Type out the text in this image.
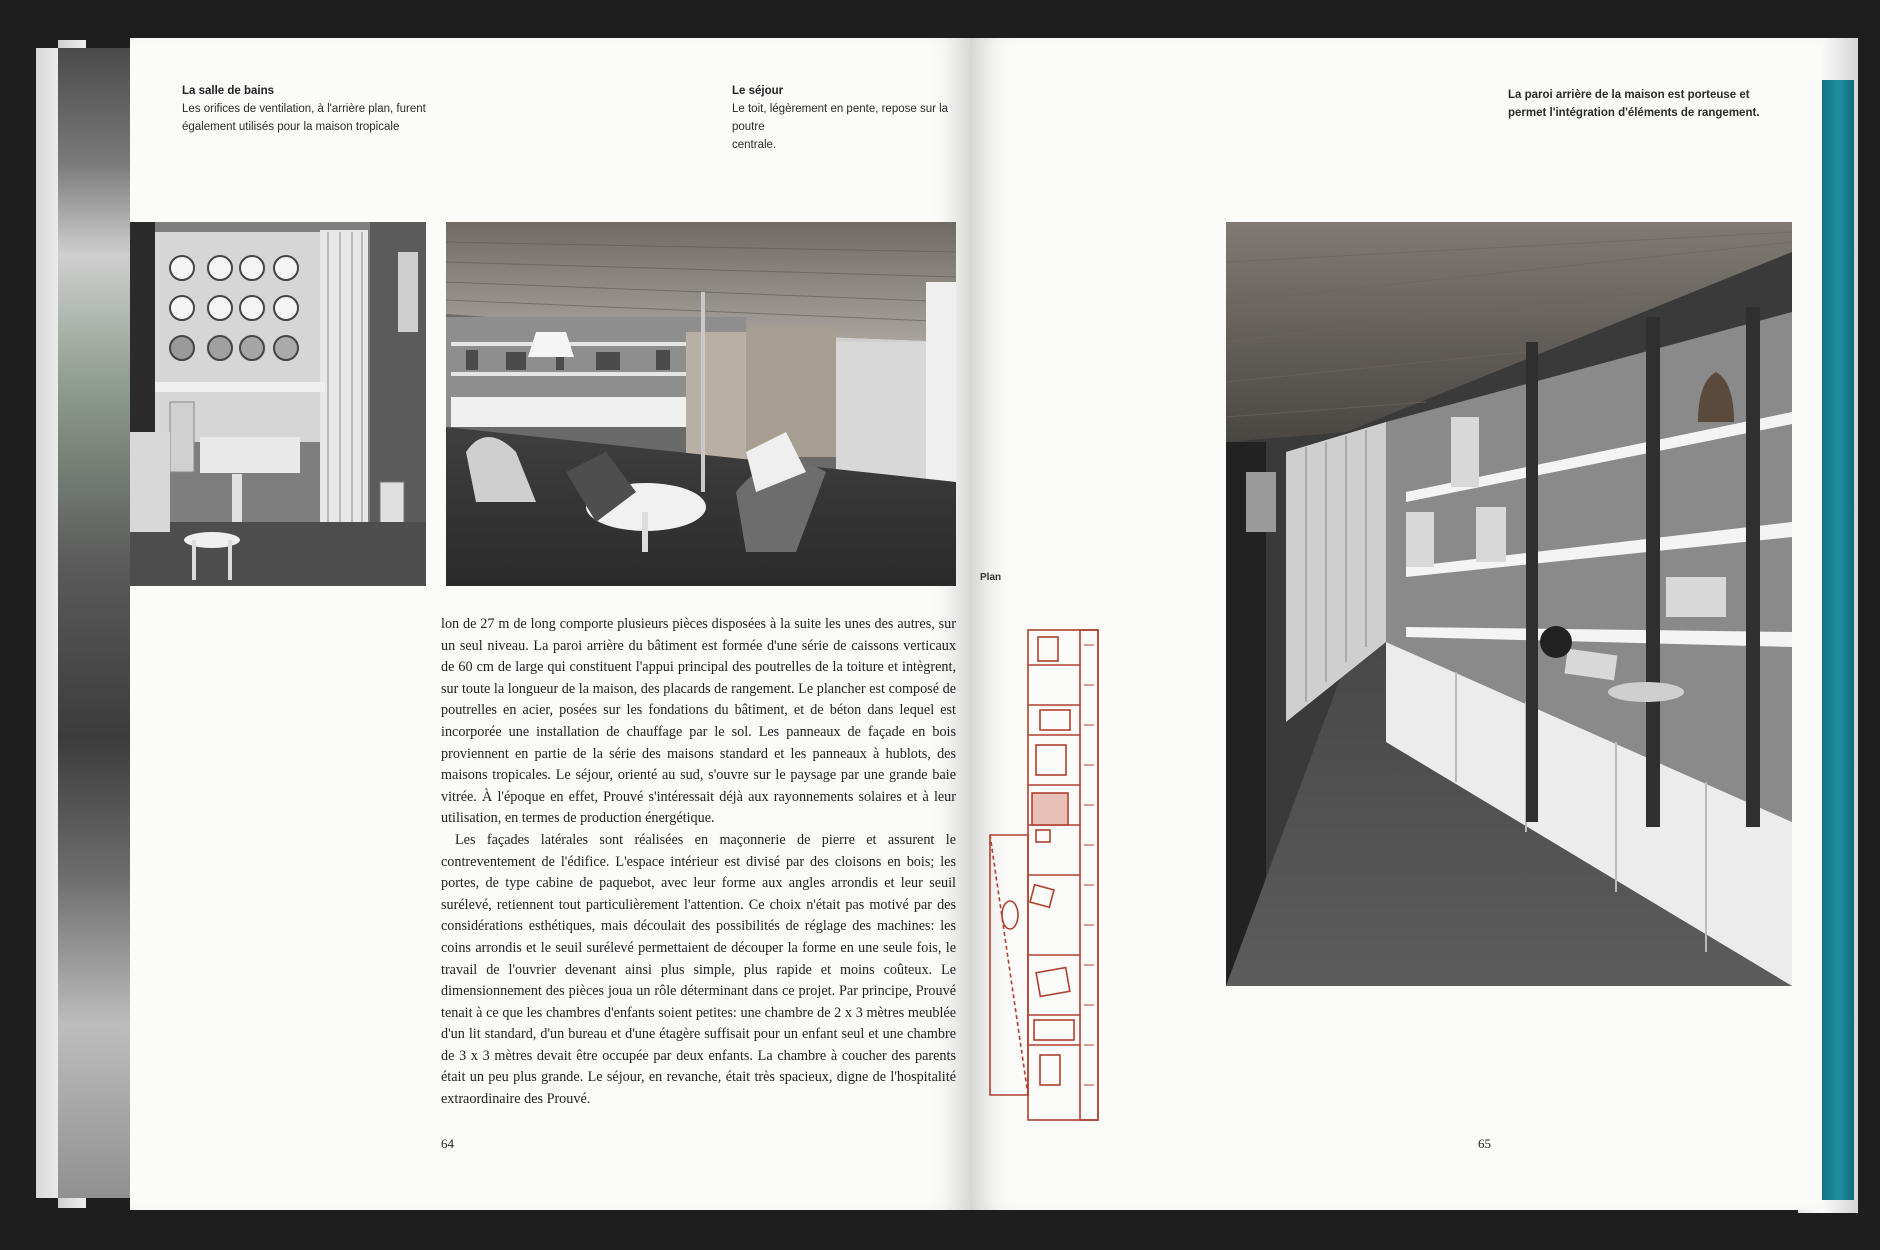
La salle de bains
Les orifices de ventilation, à l'arrière plan, furent
également utilisés pour la maison tropicale
Le séjour
Le toit, légèrement en pente, repose sur la poutre
centrale.

lon de 27 m de long comporte plusieurs pièces disposées à la suite les unes des autres, sur un seul niveau. La paroi arrière du bâtiment est formée d'une série de caissons verticaux de 60 cm de large qui constituent l'appui principal des poutrelles de la toiture et intègrent, sur toute la longueur de la maison, des placards de rangement. Le plancher est composé de poutrelles en acier, posées sur les fondations du bâtiment, et de béton dans lequel est incorporée une installation de chauffage par le sol. Les panneaux de façade en bois proviennent en partie de la série des maisons standard et les panneaux à hublots, des maisons tropicales. Le séjour, orienté au sud, s'ouvre sur le paysage par une grande baie vitrée. À l'époque en effet, Prouvé s'intéressait déjà aux rayonnements solaires et à leur utilisation, en termes de production énergétique.

Les façades latérales sont réalisées en maçonnerie de pierre et assurent le contreventement de l'édifice. L'espace intérieur est divisé par des cloisons en bois; les portes, de type cabine de paquebot, avec leur forme aux angles arrondis et leur seuil surélevé, retiennent tout particulièrement l'attention. Ce choix n'était pas motivé par des considérations esthétiques, mais découlait des possibilités de réglage des machines: les coins arrondis et le seuil surélevé permettaient de découper la forme en une seule fois, le travail de l'ouvrier devenant ainsi plus simple, plus rapide et moins coûteux. Le dimensionnement des pièces joua un rôle déterminant dans ce projet. Par principe, Prouvé tenait à ce que les chambres d'enfants soient petites: une chambre de 2 x 3 mètres meublée d'un lit standard, d'un bureau et d'une étagère suffisait pour un enfant seul et une chambre de 3 x 3 mètres devait être occupée par deux enfants. La chambre à coucher des parents était un peu plus grande. Le séjour, en revanche, était très spacieux, digne de l'hospitalité extraordinaire des Prouvé.

64
La paroi arrière de la maison est porteuse et
permet l'intégration d'éléments de rangement.
Plan
65
